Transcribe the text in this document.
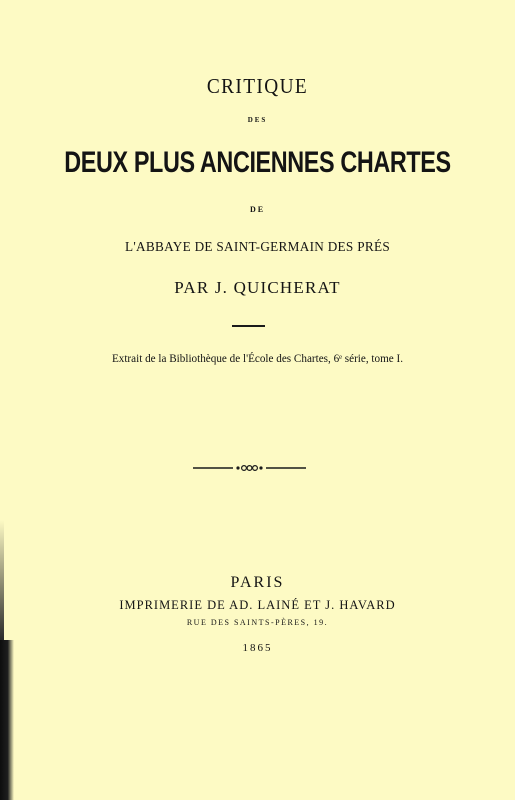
CRITIQUE
DES
DEUX PLUS ANCIENNES CHARTES
DE
L'ABBAYE DE SAINT-GERMAIN DES PRÉS
PAR J. QUICHERAT
Extrait de la Bibliothèque de l'École des Chartes, 6ᵉ série, tome I.
PARIS
IMPRIMERIE DE AD. LAINÉ ET J. HAVARD
RUE DES SAINTS-PÈRES, 19.
1865
